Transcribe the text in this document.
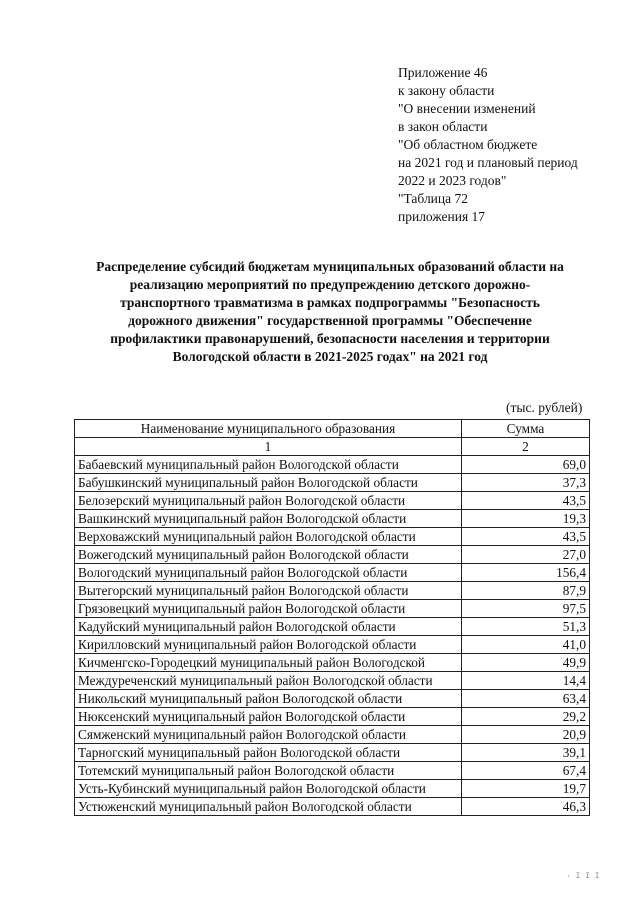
Приложение 46
к закону области
"О внесении изменений
в закон области
"Об областном бюджете
на 2021 год и плановый период
2022 и 2023 годов"
"Таблица 72
приложения 17
Распределение субсидий бюджетам муниципальных образований области на
реализацию мероприятий по предупреждению детского дорожно-
транспортного травматизма в рамках подпрограммы "Безопасность
дорожного движения" государственной программы "Обеспечение
профилактики правонарушений, безопасности населения и территории
Вологодской области в 2021-2025 годах" на 2021 год
(тыс. рублей)
Наименование муниципального образования	Сумма
1	2
Бабаевский муниципальный район Вологодской области	69,0
Бабушкинский муниципальный район Вологодской области	37,3
Белозерский муниципальный район Вологодской области	43,5
Вашкинский муниципальный район Вологодской области	19,3
Верховажский муниципальный район Вологодской области	43,5
Вожегодский муниципальный район Вологодской области	27,0
Вологодский муниципальный район Вологодской области	156,4
Вытегорский муниципальный район Вологодской области	87,9
Грязовецкий муниципальный район Вологодской области	97,5
Кадуйский муниципальный район Вологодской области	51,3
Кирилловский муниципальный район Вологодской области	41,0
Кичменгско-Городецкий муниципальный район Вологодской	49,9
Междуреченский муниципальный район Вологодской области	14,4
Никольский муниципальный район Вологодской области	63,4
Нюксенский муниципальный район Вологодской области	29,2
Сямженский муниципальный район Вологодской области	20,9
Тарногский муниципальный район Вологодской области	39,1
Тотемский муниципальный район Вологодской области	67,4
Усть-Кубинский муниципальный район Вологодской области	19,7
Устюженский муниципальный район Вологодской области	46,3
· I I I
